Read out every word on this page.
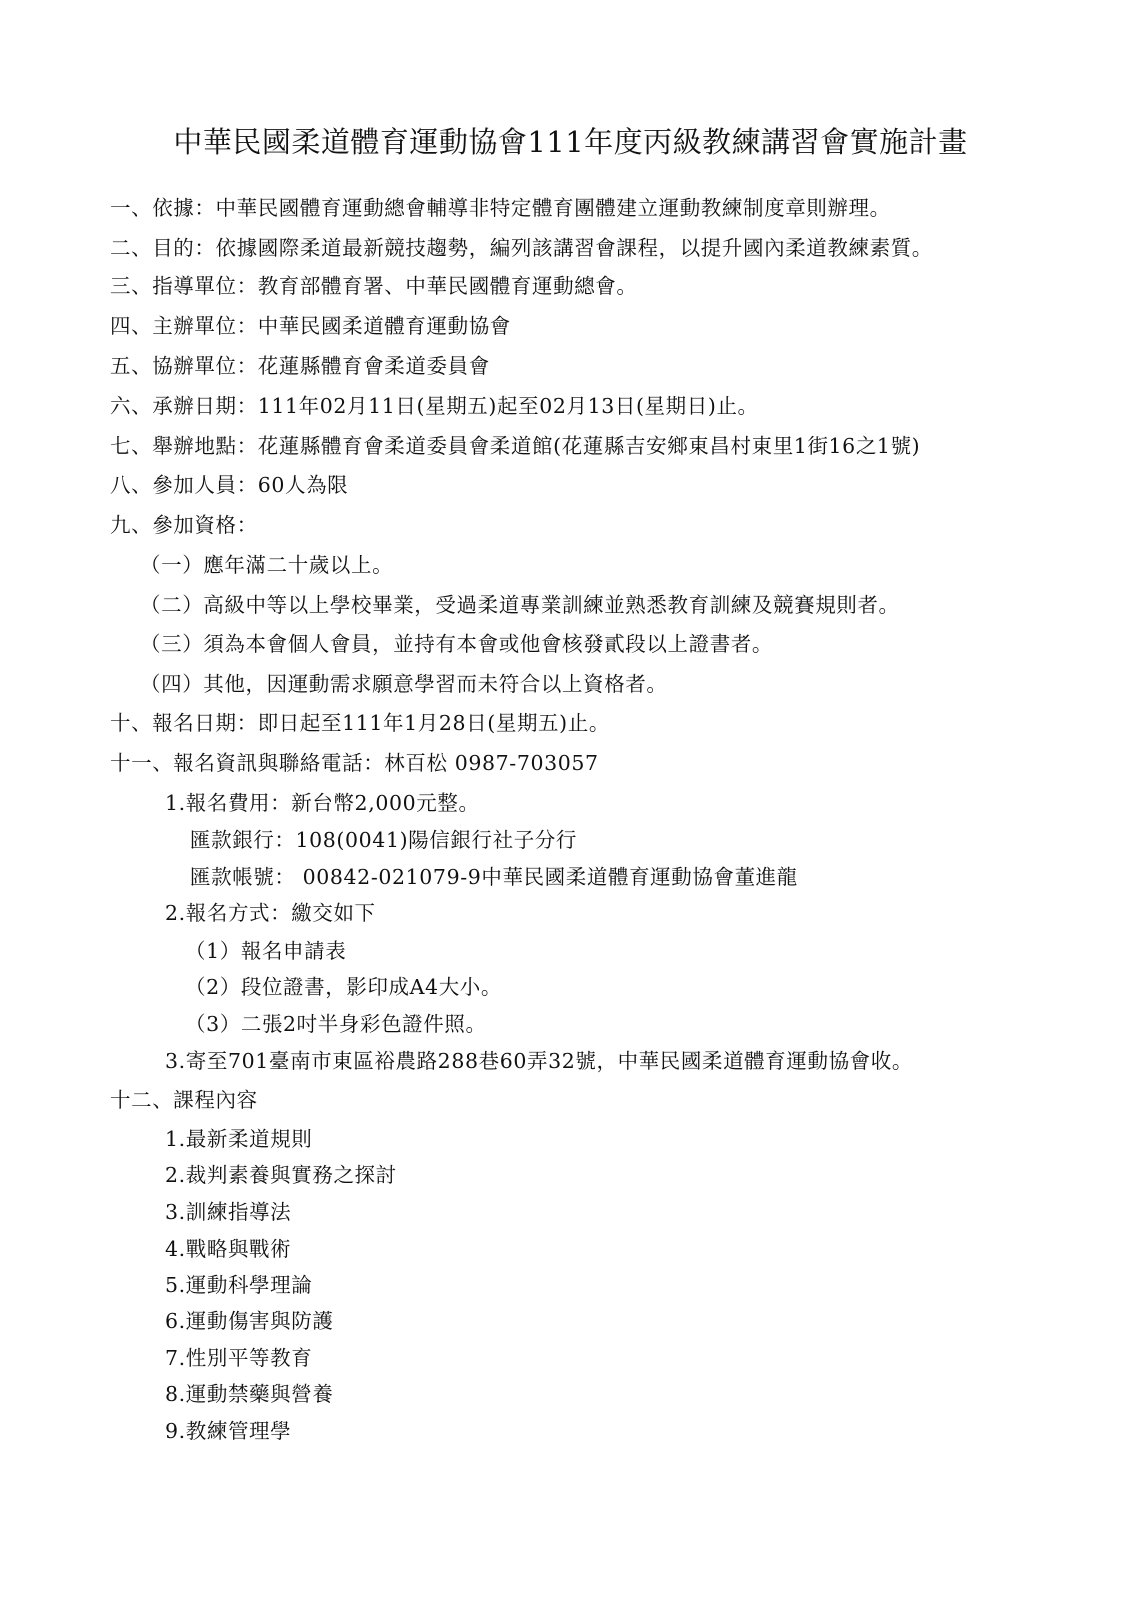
中華民國柔道體育運動協會111年度丙級教練講習會實施計畫
一、依據：中華民國體育運動總會輔導非特定體育團體建立運動教練制度章則辦理。
二、目的：依據國際柔道最新競技趨勢，編列該講習會課程，以提升國內柔道教練素質。
三、指導單位：教育部體育署、中華民國體育運動總會。
四、主辦單位：中華民國柔道體育運動協會
五、協辦單位：花蓮縣體育會柔道委員會
六、承辦日期：111年02月11日(星期五)起至02月13日(星期日)止。
七、舉辦地點：花蓮縣體育會柔道委員會柔道館(花蓮縣吉安鄉東昌村東里1街16之1號)
八、參加人員：60人為限
九、參加資格：
（一）應年滿二十歲以上。
（二）高級中等以上學校畢業，受過柔道專業訓練並熟悉教育訓練及競賽規則者。
（三）須為本會個人會員，並持有本會或他會核發貳段以上證書者。
（四）其他，因運動需求願意學習而未符合以上資格者。
十、報名日期：即日起至111年1月28日(星期五)止。
十一、報名資訊與聯絡電話：林百松 0987-703057
1.報名費用：新台幣2,000元整。
匯款銀行：108(0041)陽信銀行社子分行
匯款帳號： 00842-021079-9中華民國柔道體育運動協會董進龍
2.報名方式：繳交如下
（1）報名申請表
（2）段位證書，影印成A4大小。
（3）二張2吋半身彩色證件照。
3.寄至701臺南市東區裕農路288巷60弄32號，中華民國柔道體育運動協會收。
十二、課程內容
1.最新柔道規則
2.裁判素養與實務之探討
3.訓練指導法
4.戰略與戰術
5.運動科學理論
6.運動傷害與防護
7.性別平等教育
8.運動禁藥與營養
9.教練管理學
